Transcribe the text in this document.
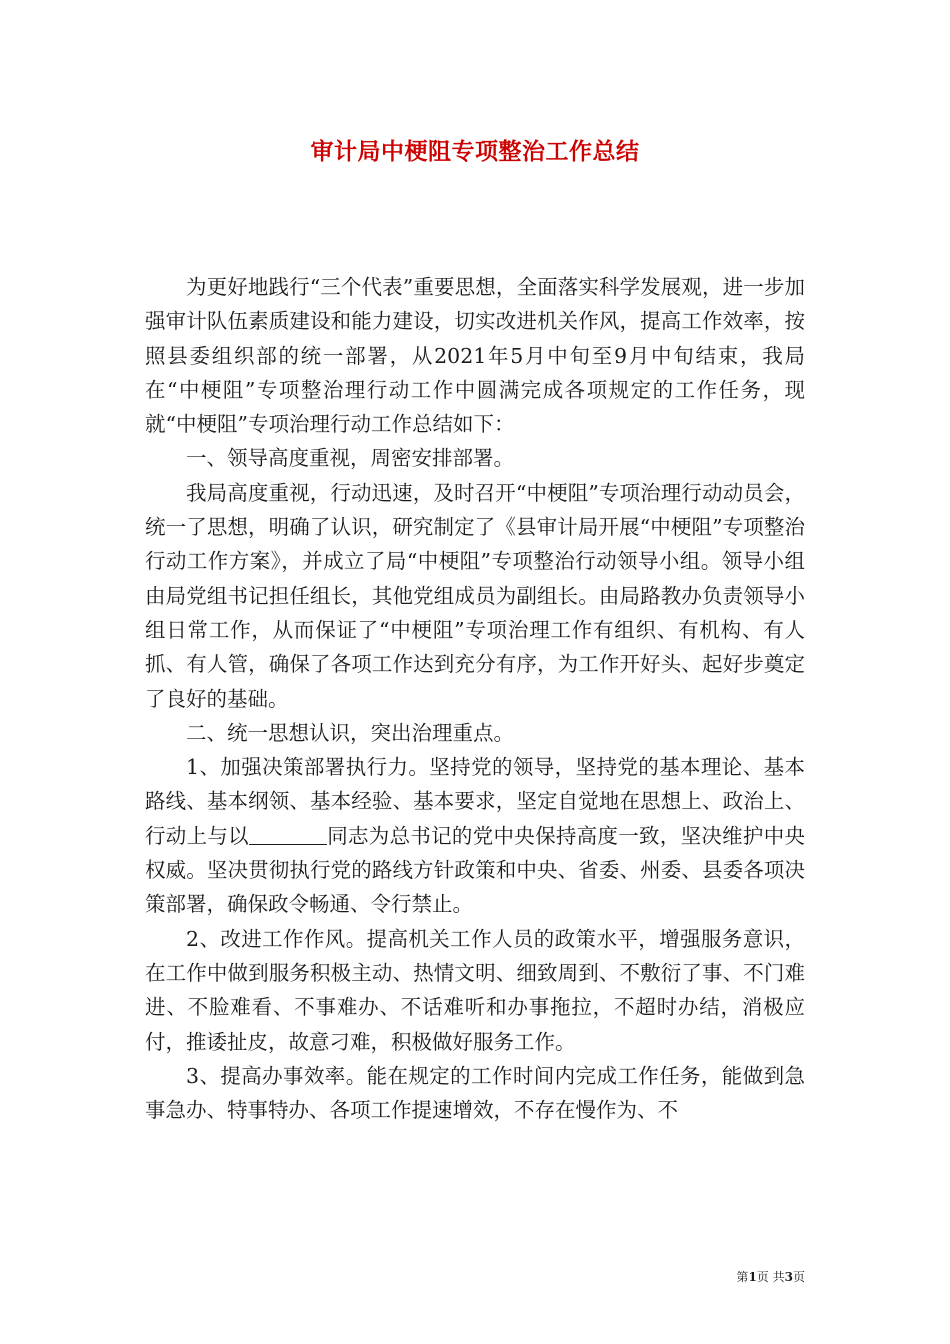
审计局中梗阻专项整治工作总结

为更好地践行“三个代表”重要思想，全面落实科学发展观，进一步加强审计队伍素质建设和能力建设，切实改进机关作风，提高工作效率，按照县委组织部的统一部署，从2021年5月中旬至9月中旬结束，我局在“中梗阻”专项整治理行动工作中圆满完成各项规定的工作任务，现就“中梗阻”专项治理行动工作总结如下：

一、领导高度重视，周密安排部署。

我局高度重视，行动迅速，及时召开“中梗阻”专项治理行动动员会，统一了思想，明确了认识，研究制定了《县审计局开展“中梗阻”专项整治行动工作方案》，并成立了局“中梗阻”专项整治行动领导小组。领导小组由局党组书记担任组长，其他党组成员为副组长。由局路教办负责领导小组日常工作，从而保证了“中梗阻”专项治理工作有组织、有机构、有人抓、有人管，确保了各项工作达到充分有序，为工作开好头、起好步奠定了良好的基础。

二、统一思想认识，突出治理重点。

1、加强决策部署执行力。坚持党的领导，坚持党的基本理论、基本路线、基本纲领、基本经验、基本要求，坚定自觉地在思想上、政治上、行动上与以	同志为总书记的党中央保持高度一致，坚决维护中央权威。坚决贯彻执行党的路线方针政策和中央、省委、州委、县委各项决策部署，确保政令畅通、令行禁止。

2、改进工作作风。提高机关工作人员的政策水平，增强服务意识，在工作中做到服务积极主动、热情文明、细致周到、不敷衍了事、不门难进、不脸难看、不事难办、不话难听和办事拖拉，不超时办结，消极应付，推诿扯皮，故意刁难，积极做好服务工作。

3、提高办事效率。能在规定的工作时间内完成工作任务，能做到急事急办、特事特办、各项工作提速增效，不存在慢作为、不

第1页 共3页
